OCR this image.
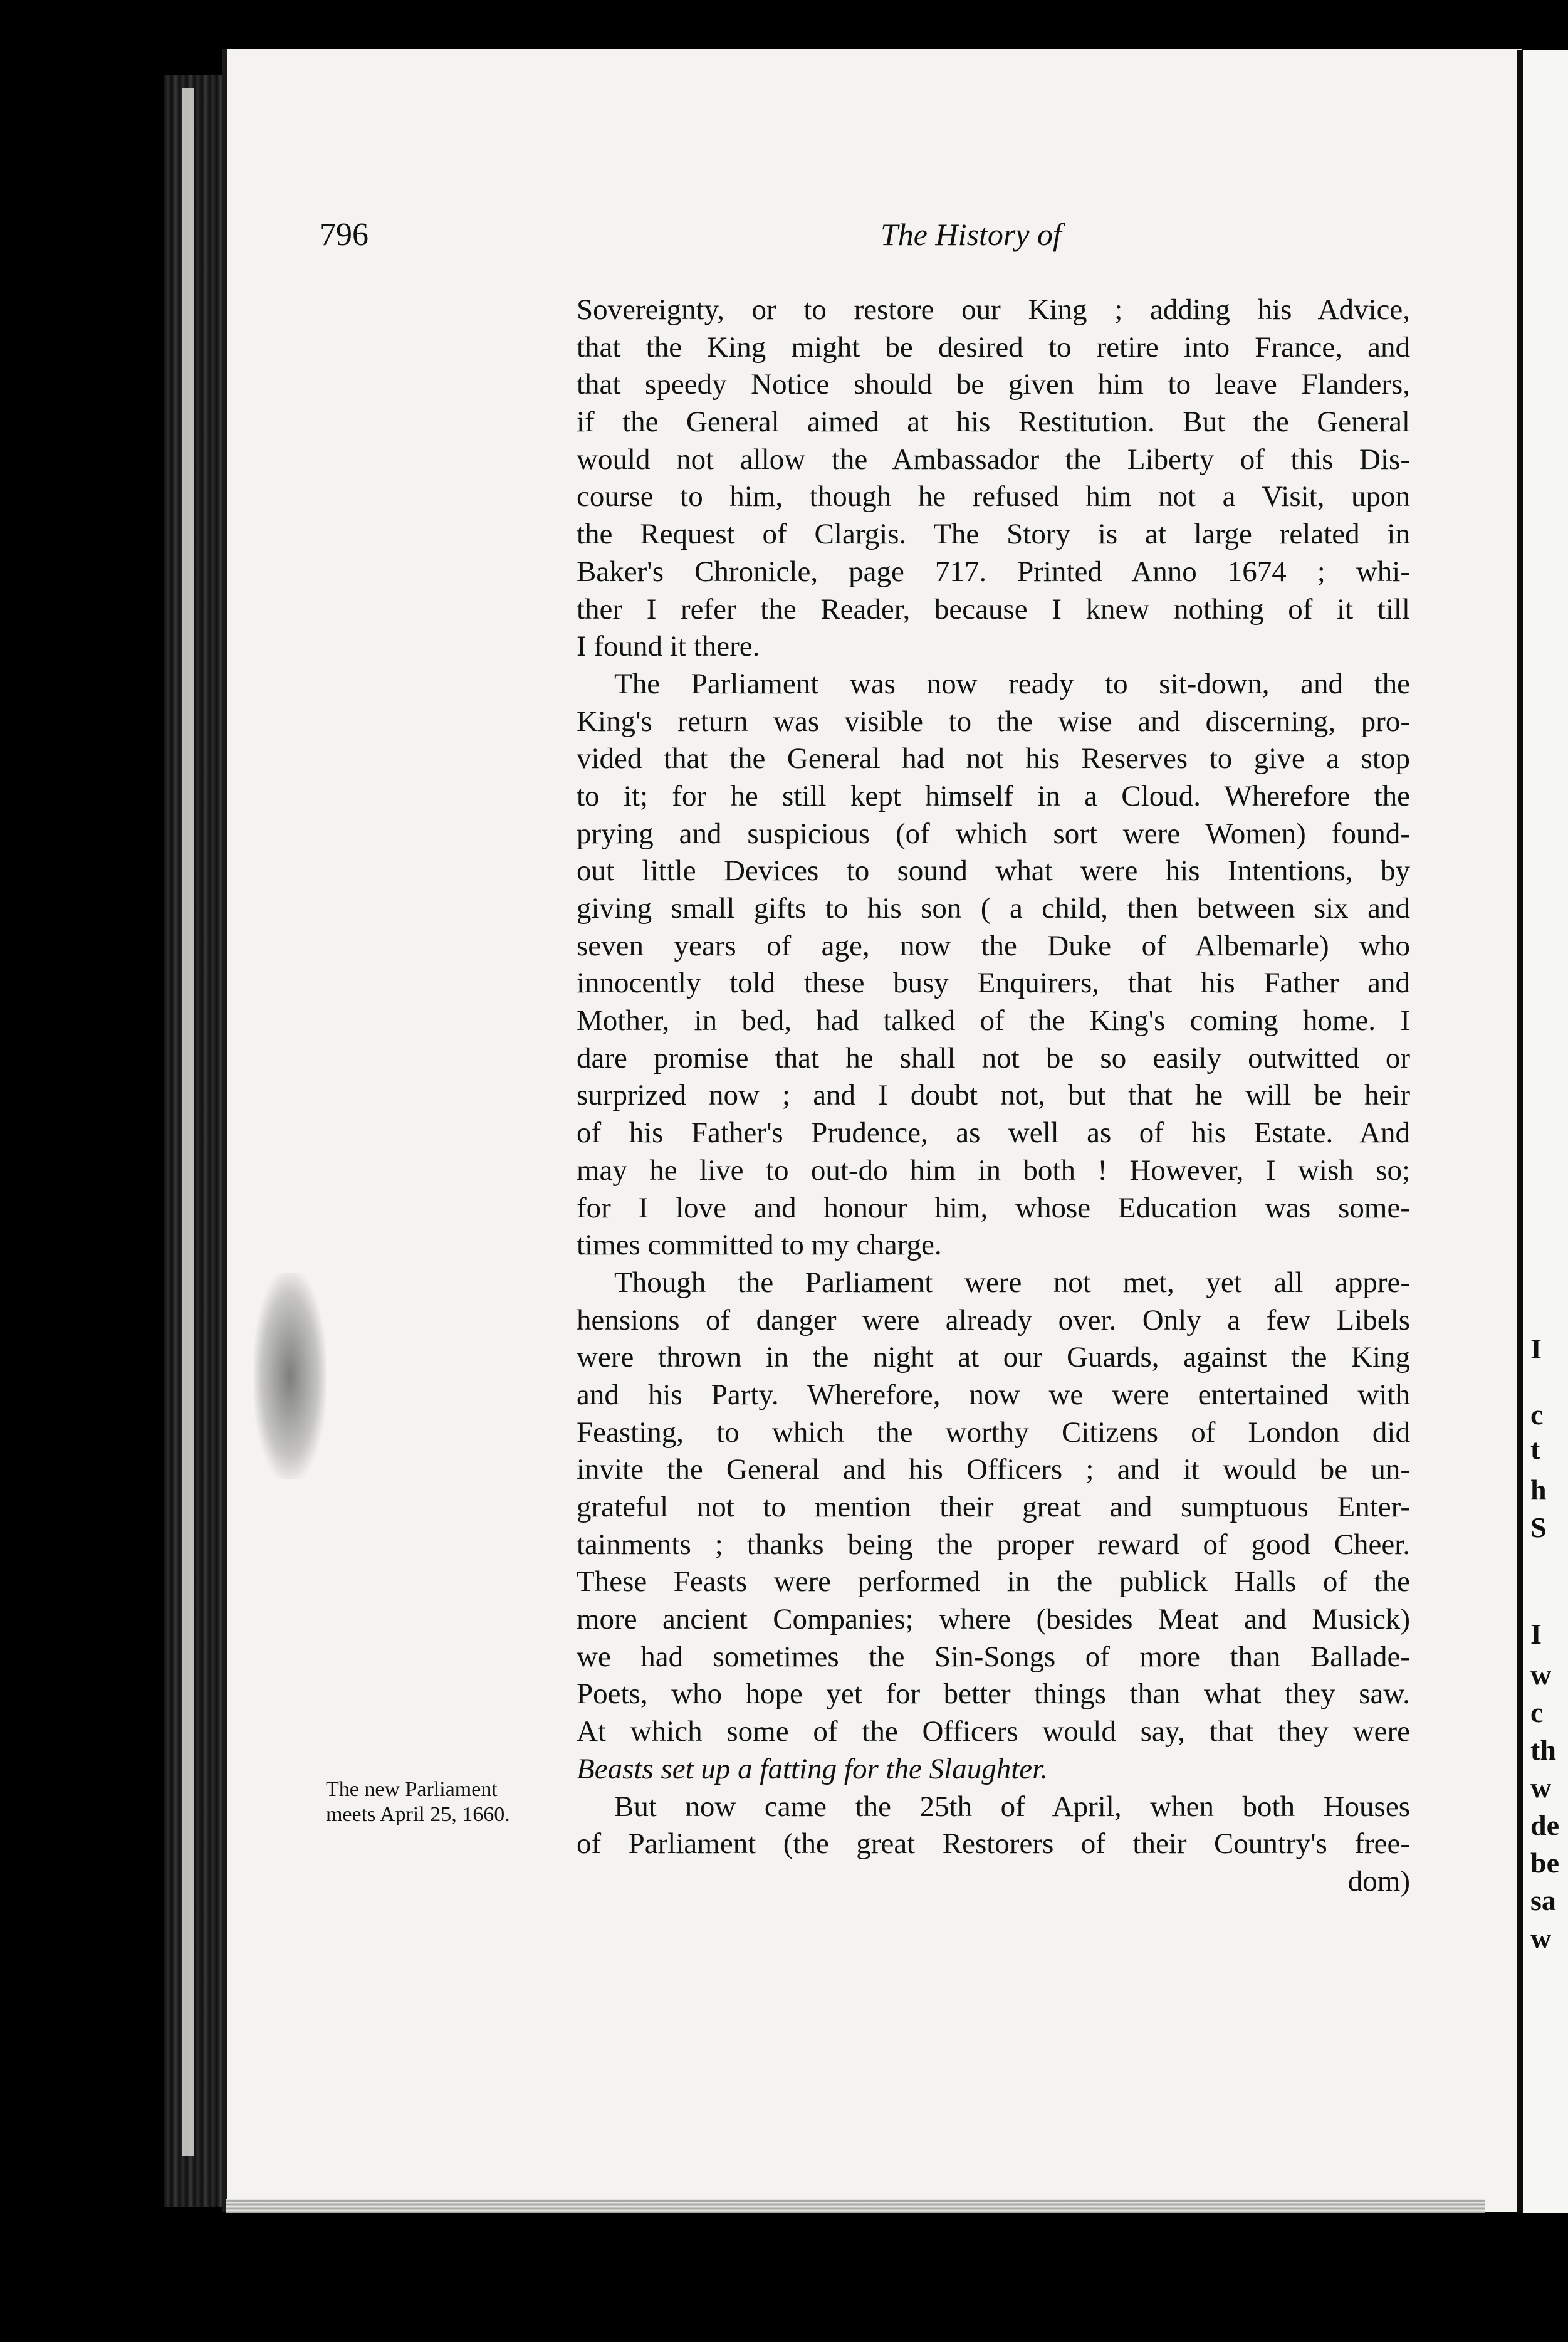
I
c
t
h
S
I
w
c
th
w
de
be
sa
w
796	The History of
Sovereignty, or to restore our King ; adding his Advice,
that the King might be desired to retire into France, and
that speedy Notice should be given him to leave Flanders,
if the General aimed at his Restitution. But the General
would not allow the Ambassador the Liberty of this Dis-
course to him, though he refused him not a Visit, upon
the Request of Clargis. The Story is at large related in
Baker's Chronicle, page 717. Printed Anno 1674 ; whi-
ther I refer the Reader, because I knew nothing of it till
I found it there.
The Parliament was now ready to sit-down, and the
King's return was visible to the wise and discerning, pro-
vided that the General had not his Reserves to give a stop
to it; for he still kept himself in a Cloud. Wherefore the
prying and suspicious (of which sort were Women) found-
out little Devices to sound what were his Intentions, by
giving small gifts to his son ( a child, then between six and
seven years of age, now the Duke of Albemarle) who
innocently told these busy Enquirers, that his Father and
Mother, in bed, had talked of the King's coming home. I
dare promise that he shall not be so easily outwitted or
surprized now ; and I doubt not, but that he will be heir
of his Father's Prudence, as well as of his Estate. And
may he live to out-do him in both ! However, I wish so;
for I love and honour him, whose Education was some-
times committed to my charge.
Though the Parliament were not met, yet all appre-
hensions of danger were already over. Only a few Libels
were thrown in the night at our Guards, against the King
and his Party. Wherefore, now we were entertained with
Feasting, to which the worthy Citizens of London did
invite the General and his Officers ; and it would be un-
grateful not to mention their great and sumptuous Enter-
tainments ; thanks being the proper reward of good Cheer.
These Feasts were performed in the publick Halls of the
more ancient Companies; where (besides Meat and Musick)
we had sometimes the Sin-Songs of more than Ballade-
Poets, who hope yet for better things than what they saw.
At which some of the Officers would say, that they were
Beasts set up a fatting for the Slaughter.
But now came the 25th of April, when both Houses
of Parliament (the great Restorers of their Country's free-
dom)
The new Parliament
meets April 25, 1660.
